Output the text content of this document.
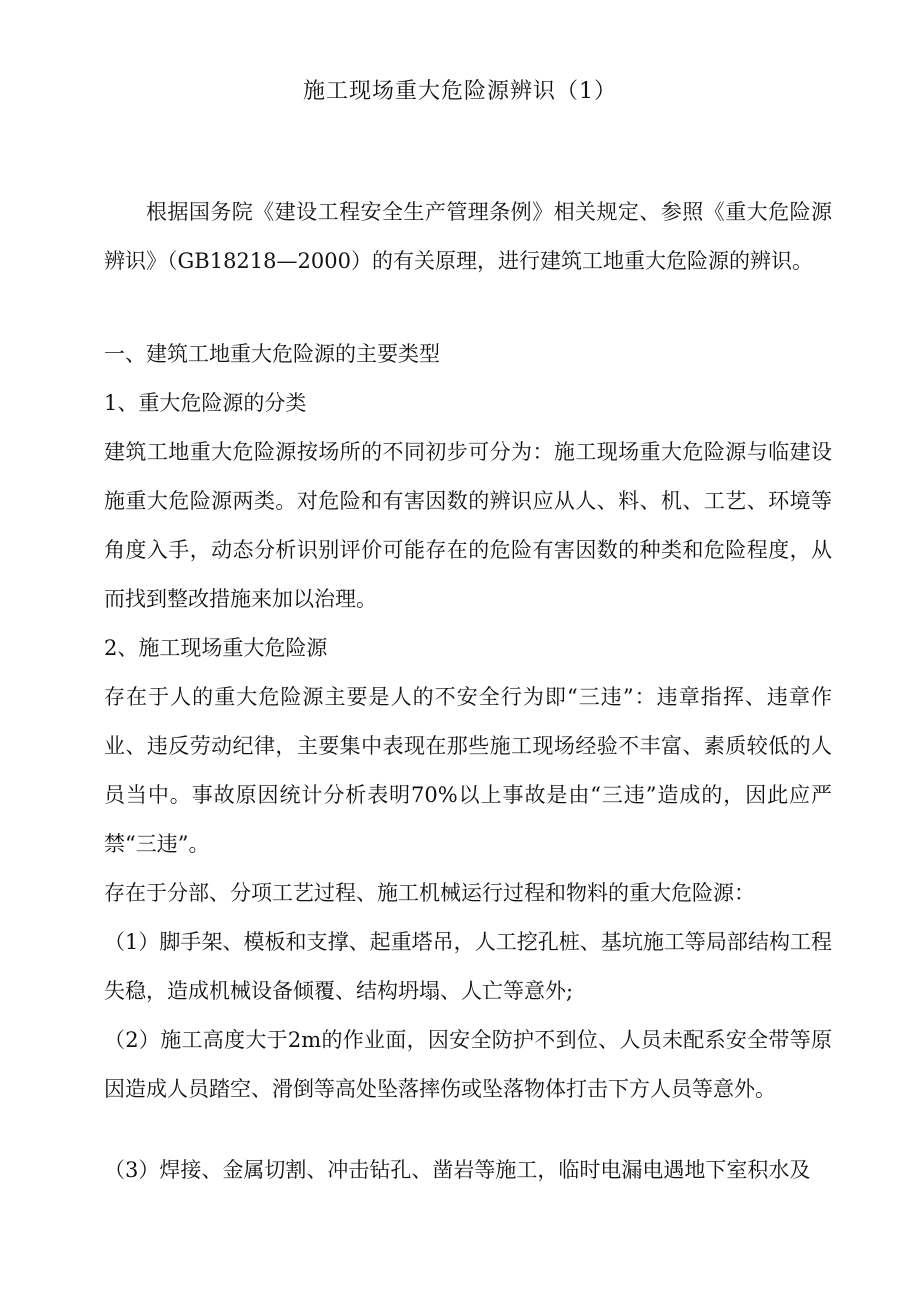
施工现场重大危险源辨识（1）

根据国务院《建设工程安全生产管理条例》相关规定、参照《重大危险源辨识》（GB18218—2000）的有关原理，进行建筑工地重大危险源的辨识。

一、建筑工地重大危险源的主要类型

1、重大危险源的分类

建筑工地重大危险源按场所的不同初步可分为：施工现场重大危险源与临建设施重大危险源两类。对危险和有害因数的辨识应从人、料、机、工艺、环境等角度入手，动态分析识别评价可能存在的危险有害因数的种类和危险程度，从而找到整改措施来加以治理。

2、施工现场重大危险源

存在于人的重大危险源主要是人的不安全行为即“三违”：违章指挥、违章作业、违反劳动纪律，主要集中表现在那些施工现场经验不丰富、素质较低的人员当中。事故原因统计分析表明70%以上事故是由“三违”造成的，因此应严禁“三违”。

存在于分部、分项工艺过程、施工机械运行过程和物料的重大危险源：

（1）脚手架、模板和支撑、起重塔吊，人工挖孔桩、基坑施工等局部结构工程失稳，造成机械设备倾覆、结构坍塌、人亡等意外;

（2）施工高度大于2m的作业面，因安全防护不到位、人员未配系安全带等原因造成人员踏空、滑倒等高处坠落摔伤或坠落物体打击下方人员等意外。

（3）焊接、金属切割、冲击钻孔、凿岩等施工，临时电漏电遇地下室积水及
